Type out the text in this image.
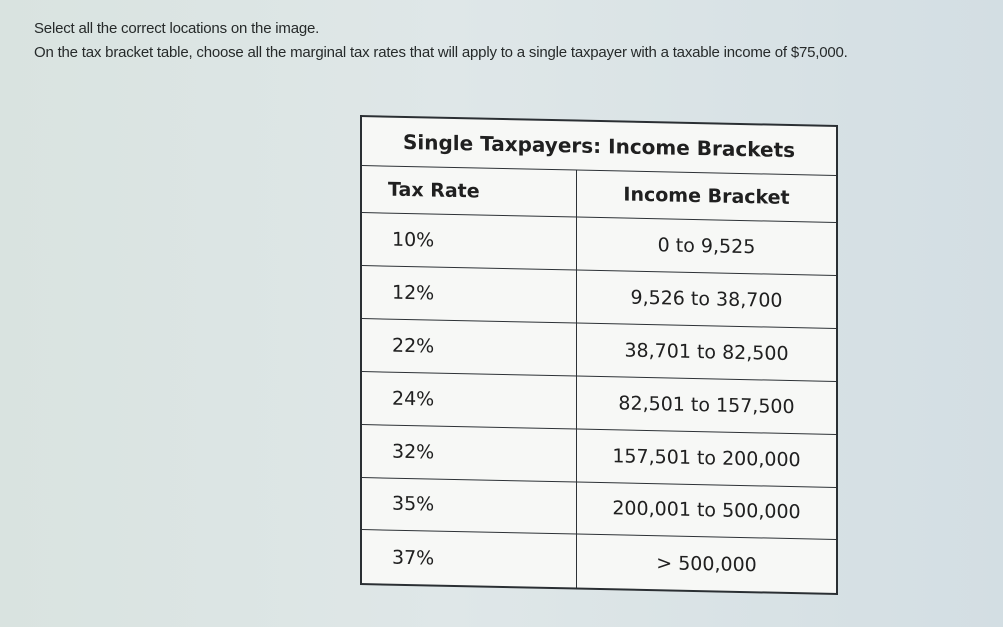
Select all the correct locations on the image.
On the tax bracket table, choose all the marginal tax rates that will apply to a single taxpayer with a taxable income of $75,000.
Single Taxpayers: Income Brackets	
Tax Rate	Income Bracket
10%	0 to 9,525
12%	9,526 to 38,700
22%	38,701 to 82,500
24%	82,501 to 157,500
32%	157,501 to 200,000
35%	200,001 to 500,000
37%	> 500,000
